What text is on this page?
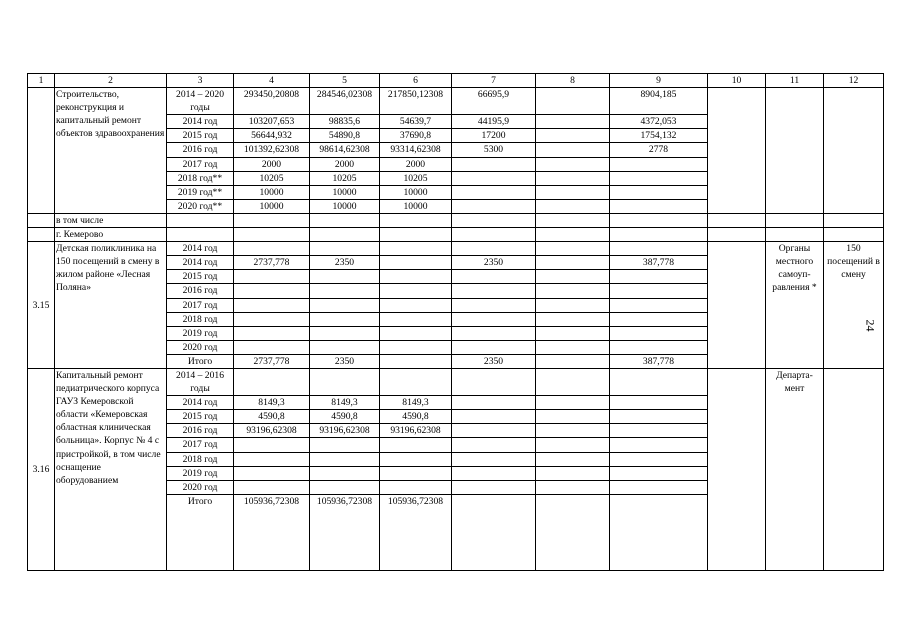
1	2	3	4	5	6	7	8	9	10	11	12
	Строительство, реконструкция и капитальный ремонт объектов здравоохранения	2014 – 2020 годы	293450,20808	284546,02308	217850,12308	66695,9		8904,185			
		2014 год	103207,653	98835,6	54639,7	44195,9		4372,053			
		2015 год	56644,932	54890,8	37690,8	17200		1754,132			
		2016 год	101392,62308	98614,62308	93314,62308	5300		2778			
		2017 год	2000	2000	2000						
		2018 год**	10205	10205	10205						
		2019 год**	10000	10000	10000						
		2020 год**	10000	10000	10000						
	в том числе										
	г. Кемерово										
3.15	Детская поликлиника на 150 посещений в смену в жилом районе «Лесная Поляна»	2014 год								Органы местного самоуп-равления *	150 посещений в смену
		2014 год	2737,778	2350		2350		387,778			
		2015 год									
		2016 год									
		2017 год									
		2018 год									
		2019 год									
		2020 год									
		Итого	2737,778	2350		2350		387,778			
3.16	Капитальный ремонт педиатрического корпуса ГАУЗ Кемеровской области «Кемеровская областная клиническая больница». Корпус № 4 с пристройкой, в том числе оснащение оборудованием	2014 – 2016 годы								Департа-мент	
		2014 год	8149,3	8149,3	8149,3						
		2015 год	4590,8	4590,8	4590,8						
		2016 год	93196,62308	93196,62308	93196,62308						
		2017 год									
		2018 год									
		2019 год									
		2020 год									
		Итого	105936,72308	105936,72308	105936,72308						
24
